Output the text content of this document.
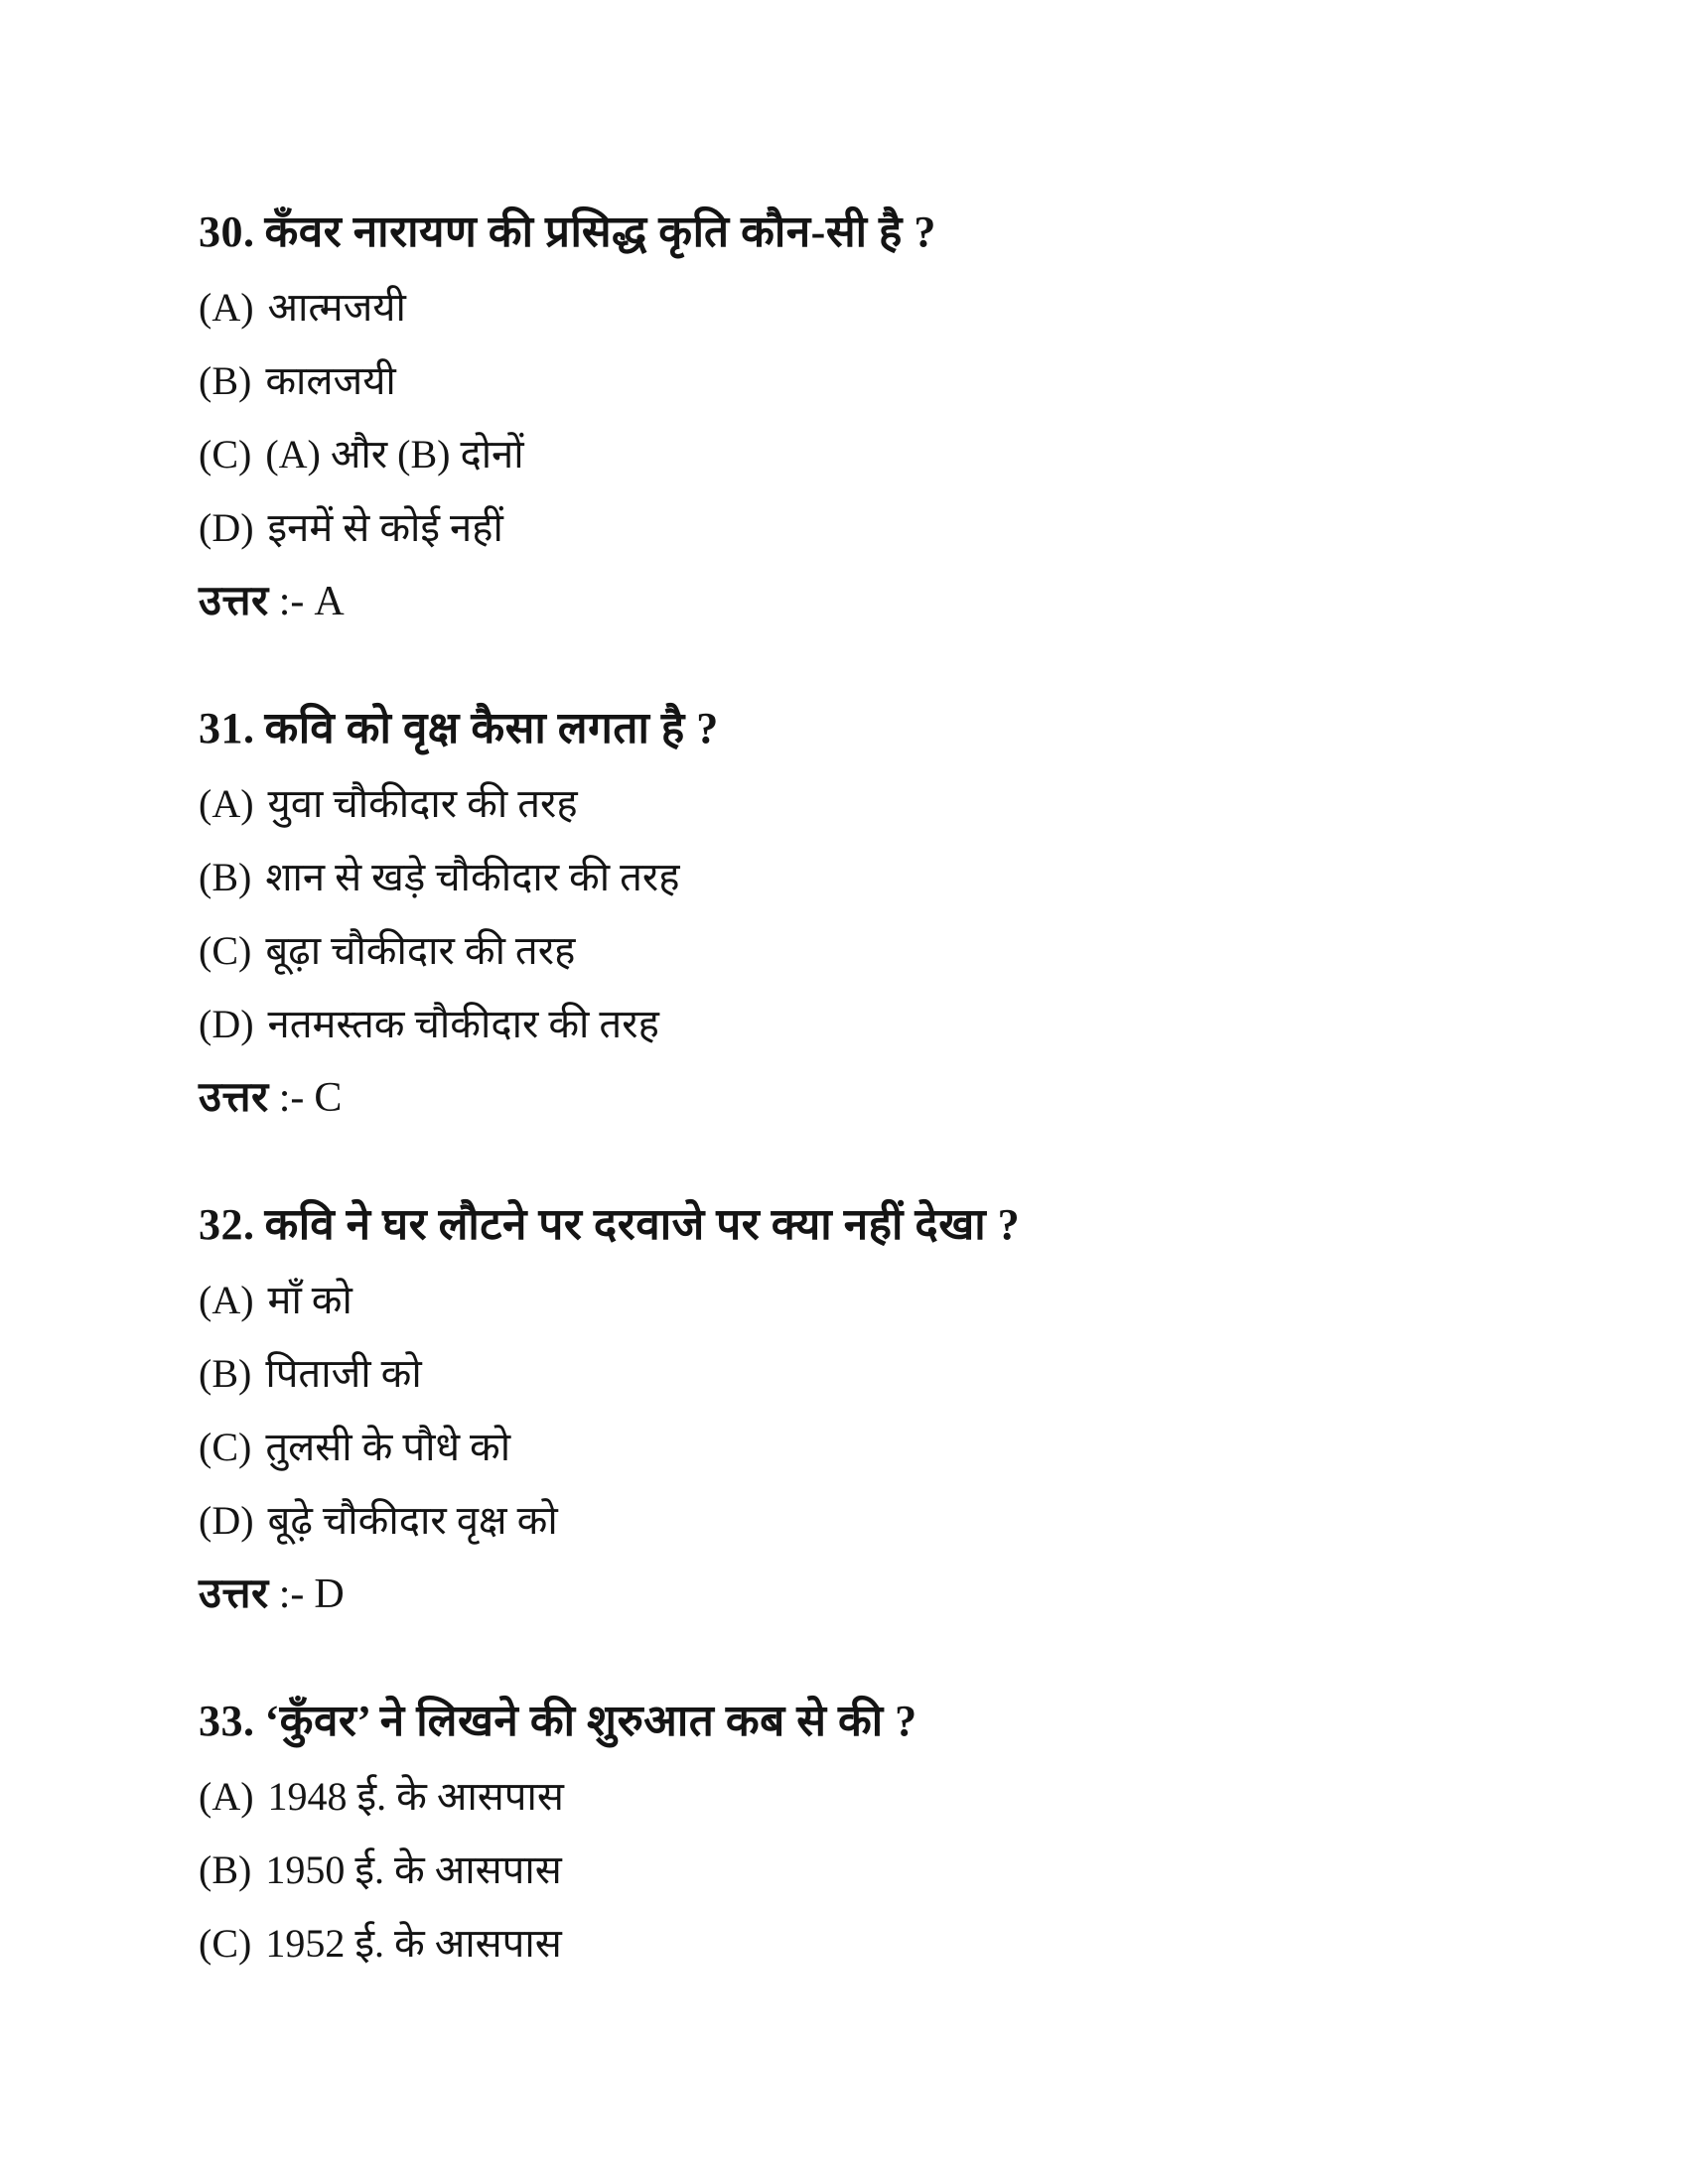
30. कँवर नारायण की प्रसिद्ध कृति कौन-सी है ?

(A) आत्मजयी

(B) कालजयी

(C) (A) और (B) दोनों

(D) इनमें से कोई नहीं

उत्तर :- A

31. कवि को वृक्ष कैसा लगता है ?

(A) युवा चौकीदार की तरह

(B) शान से खड़े चौकीदार की तरह

(C) बूढ़ा चौकीदार की तरह

(D) नतमस्तक चौकीदार की तरह

उत्तर :- C

32. कवि ने घर लौटने पर दरवाजे पर क्या नहीं देखा ?

(A) माँ को

(B) पिताजी को

(C) तुलसी के पौधे को

(D) बूढ़े चौकीदार वृक्ष को

उत्तर :- D

33. ‘कुँवर’ ने लिखने की शुरुआत कब से की ?

(A) 1948 ई. के आसपास

(B) 1950 ई. के आसपास

(C) 1952 ई. के आसपास
